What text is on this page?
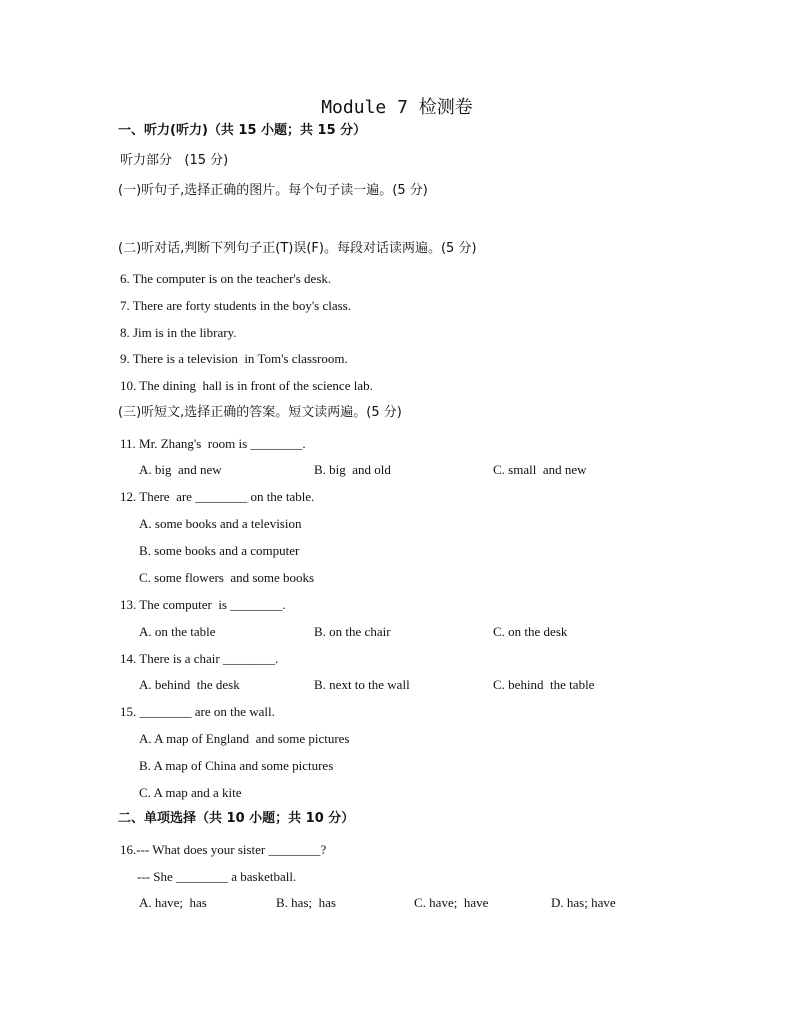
Module 7 检测卷
一、听力(听力)（共 15 小题；共 15 分）
听力部分   (15 分)
(一)听句子,选择正确的图片。每个句子读一遍。(5 分)
(二)听对话,判断下列句子正(T)误(F)。每段对话读两遍。(5 分)
6. The computer is on the teacher's desk.
7. There are forty students in the boy's class.
8. Jim is in the library.
9. There is a television  in Tom's classroom.
10. The dining  hall is in front of the science lab.
(三)听短文,选择正确的答案。短文读两遍。(5 分)
11. Mr. Zhang's  room is ________.
A. big  and new	B. big  and old	C. small  and new
12. There  are ________ on the table.
A. some books and a television
B. some books and a computer
C. some flowers  and some books
13. The computer  is ________.
A. on the table	B. on the chair	C. on the desk
14. There is a chair ________.
A. behind  the desk	B. next to the wall	C. behind  the table
15. ________ are on the wall.
A. A map of England  and some pictures
B. A map of China and some pictures
C. A map and a kite
二、单项选择（共 10 小题；共 10 分）
16.--- What does your sister ________?
--- She ________ a basketball.
A. have;  has	B. has;  has	C. have;  have	D. has; have
